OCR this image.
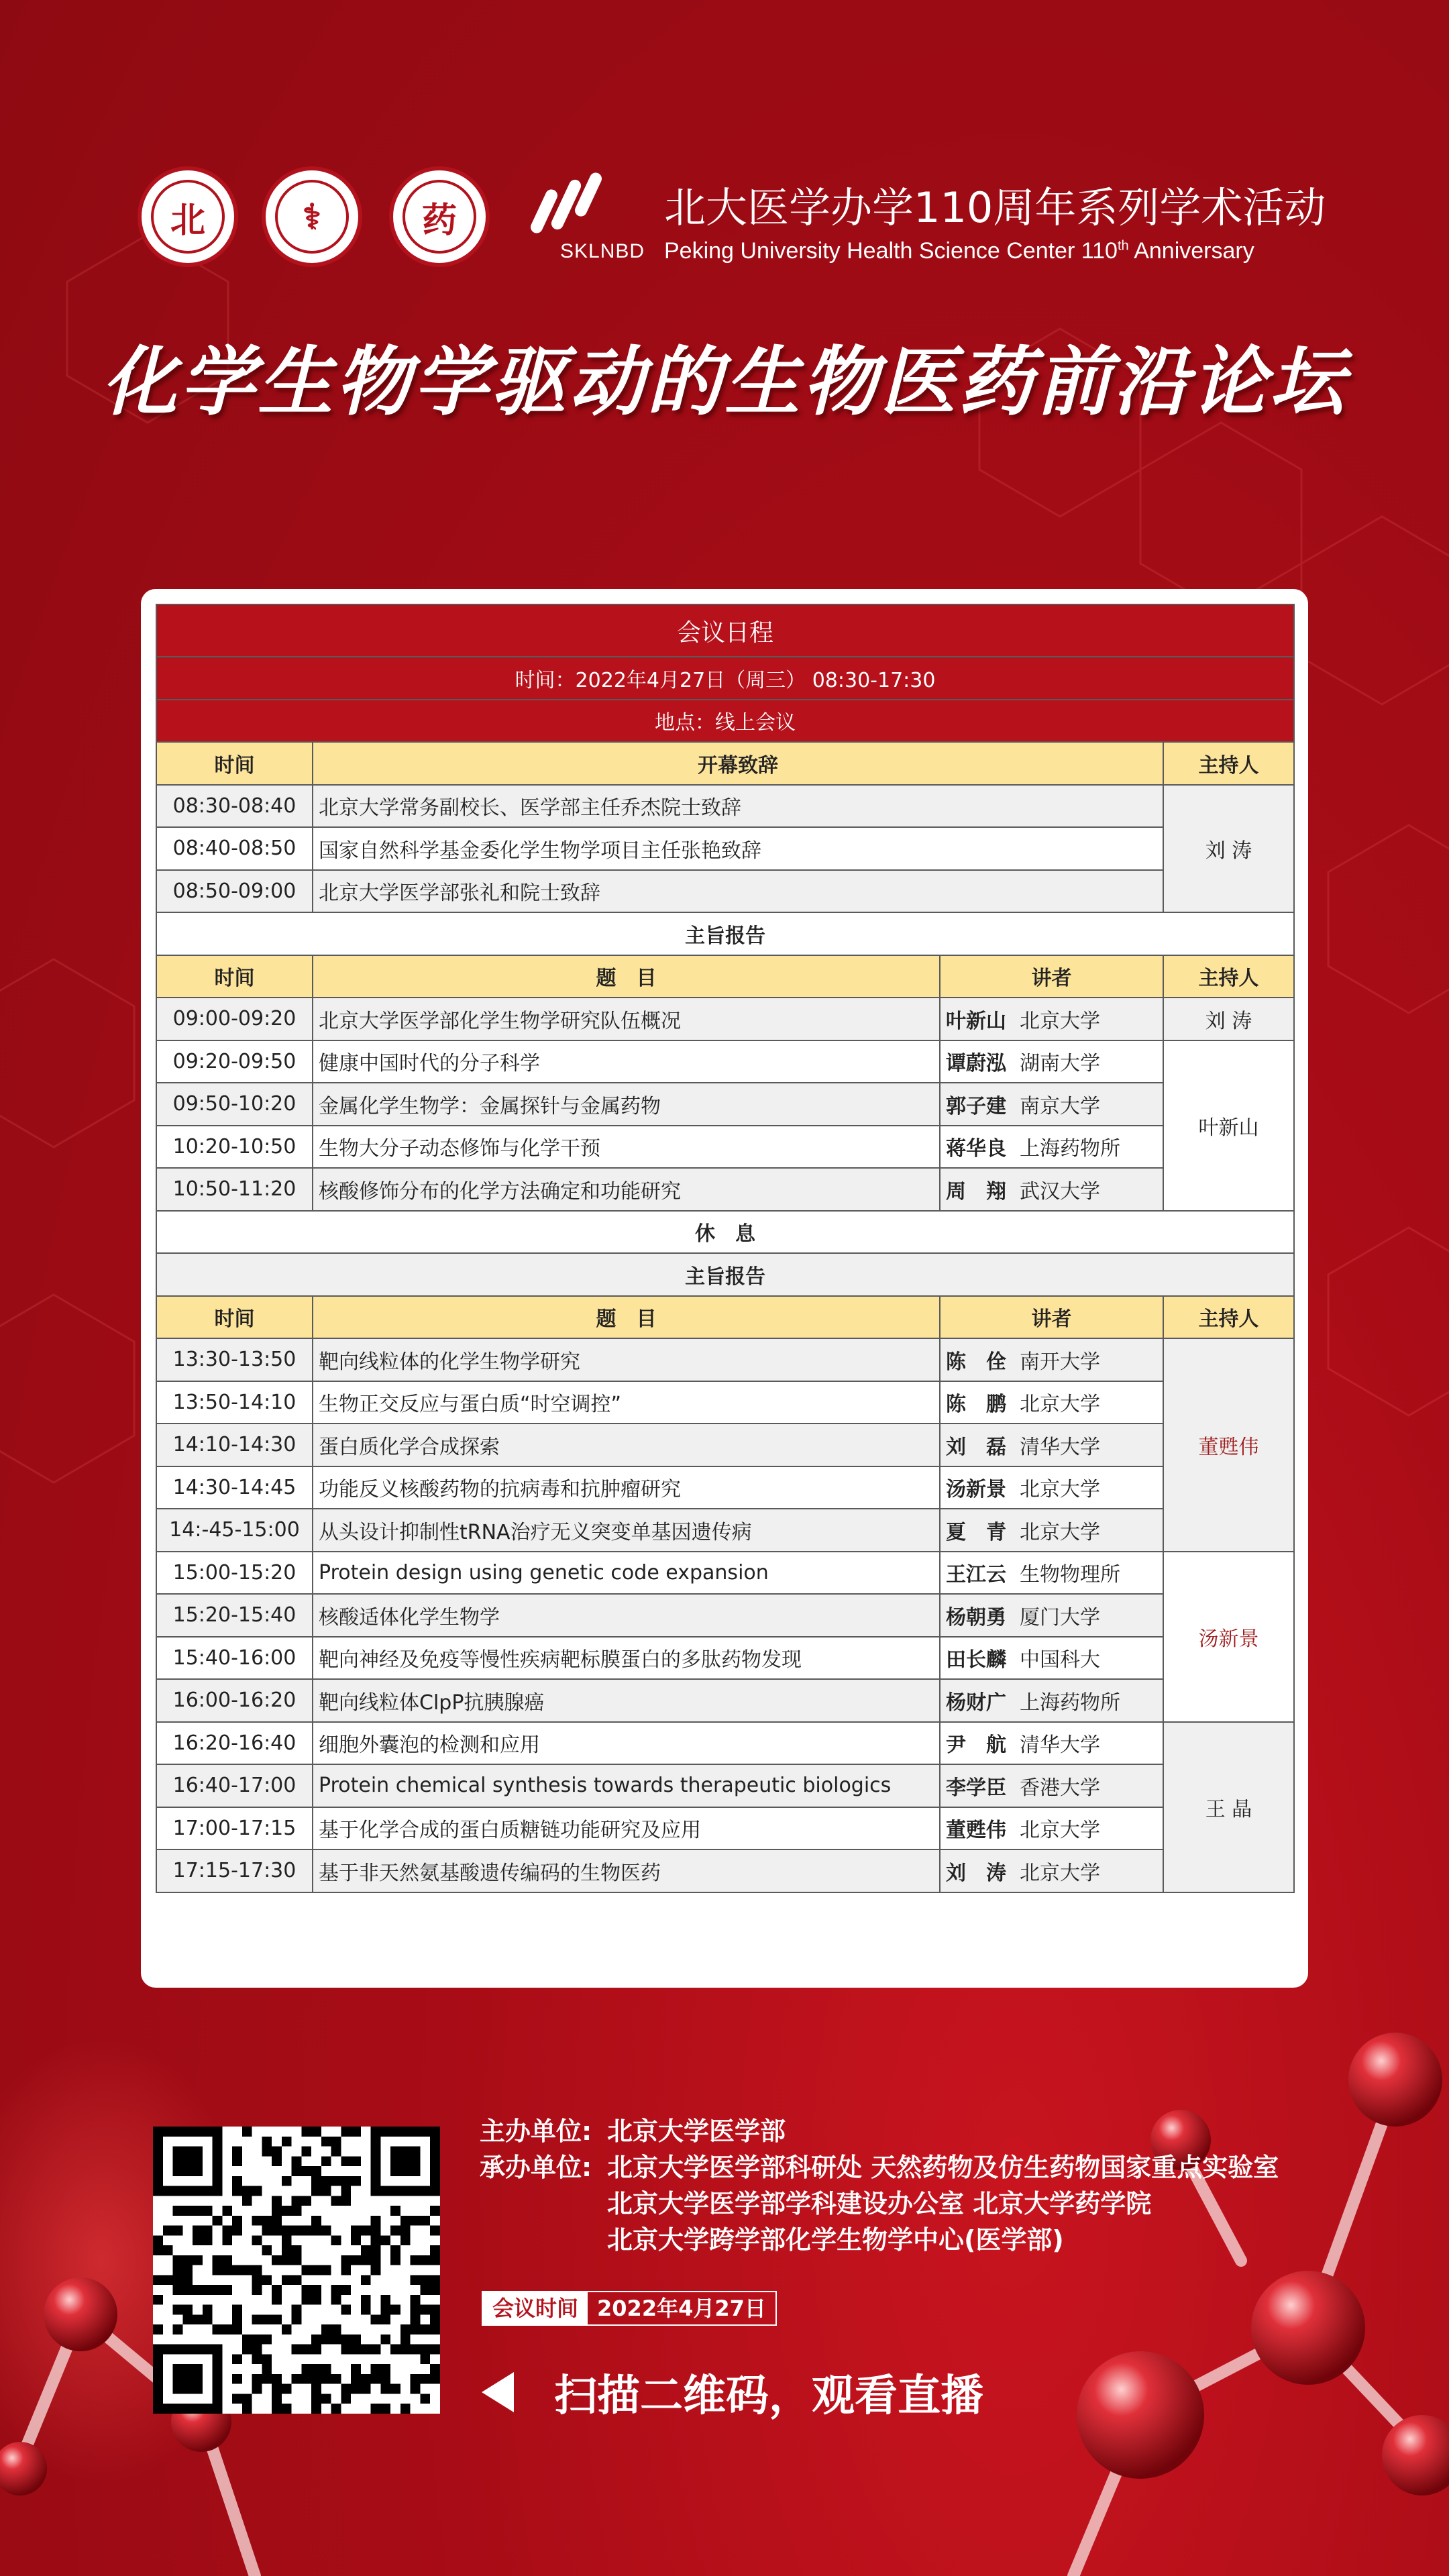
北	⚕	药
SKLNBD
北大医学办学110周年系列学术活动
Peking University Health Science Center 110th Anniversary
化学生物学驱动的生物医药前沿论坛
会议日程			
时间：2022年4月27日（周三） 08:30-17:30			
地点：线上会议			
时间	开幕致辞		主持人
08:30-08:40	北京大学常务副校长、医学部主任乔杰院士致辞		刘 涛
08:40-08:50	国家自然科学基金委化学生物学项目主任张艳致辞		
08:50-09:00	北京大学医学部张礼和院士致辞		
主旨报告			
时间	题　目	讲者	主持人
09:00-09:20	北京大学医学部化学生物学研究队伍概况	叶新山 北京大学	刘 涛
09:20-09:50	健康中国时代的分子科学	谭蔚泓 湖南大学	叶新山
09:50-10:20	金属化学生物学：金属探针与金属药物	郭子建 南京大学	
10:20-10:50	生物大分子动态修饰与化学干预	蒋华良 上海药物所	
10:50-11:20	核酸修饰分布的化学方法确定和功能研究	周　翔 武汉大学	
休　息			
主旨报告			
时间	题　目	讲者	主持人
13:30-13:50	靶向线粒体的化学生物学研究	陈　佺 南开大学	董甦伟
13:50-14:10	生物正交反应与蛋白质“时空调控”	陈　鹏 北京大学	
14:10-14:30	蛋白质化学合成探索	刘　磊 清华大学	
14:30-14:45	功能反义核酸药物的抗病毒和抗肿瘤研究	汤新景 北京大学	
14:-45-15:00	从头设计抑制性tRNA治疗无义突变单基因遗传病	夏　青 北京大学	
15:00-15:20	Protein design using genetic code expansion	王江云 生物物理所	汤新景
15:20-15:40	核酸适体化学生物学	杨朝勇 厦门大学	
15:40-16:00	靶向神经及免疫等慢性疾病靶标膜蛋白的多肽药物发现	田长麟 中国科大	
16:00-16:20	靶向线粒体ClpP抗胰腺癌	杨财广 上海药物所	
16:20-16:40	细胞外囊泡的检测和应用	尹　航 清华大学	王 晶
16:40-17:00	Protein chemical synthesis towards therapeutic biologics	李学臣 香港大学	
17:00-17:15	基于化学合成的蛋白质糖链功能研究及应用	董甦伟 北京大学	
17:15-17:30	基于非天然氨基酸遗传编码的生物医药	刘　涛 北京大学	
主办单位: 北京大学医学部
承办单位: 北京大学医学部科研处 天然药物及仿生药物国家重点实验室
北京大学医学部学科建设办公室 北京大学药学院
北京大学跨学部化学生物学中心(医学部)
会议时间 2022年4月27日
扫描二维码，观看直播
